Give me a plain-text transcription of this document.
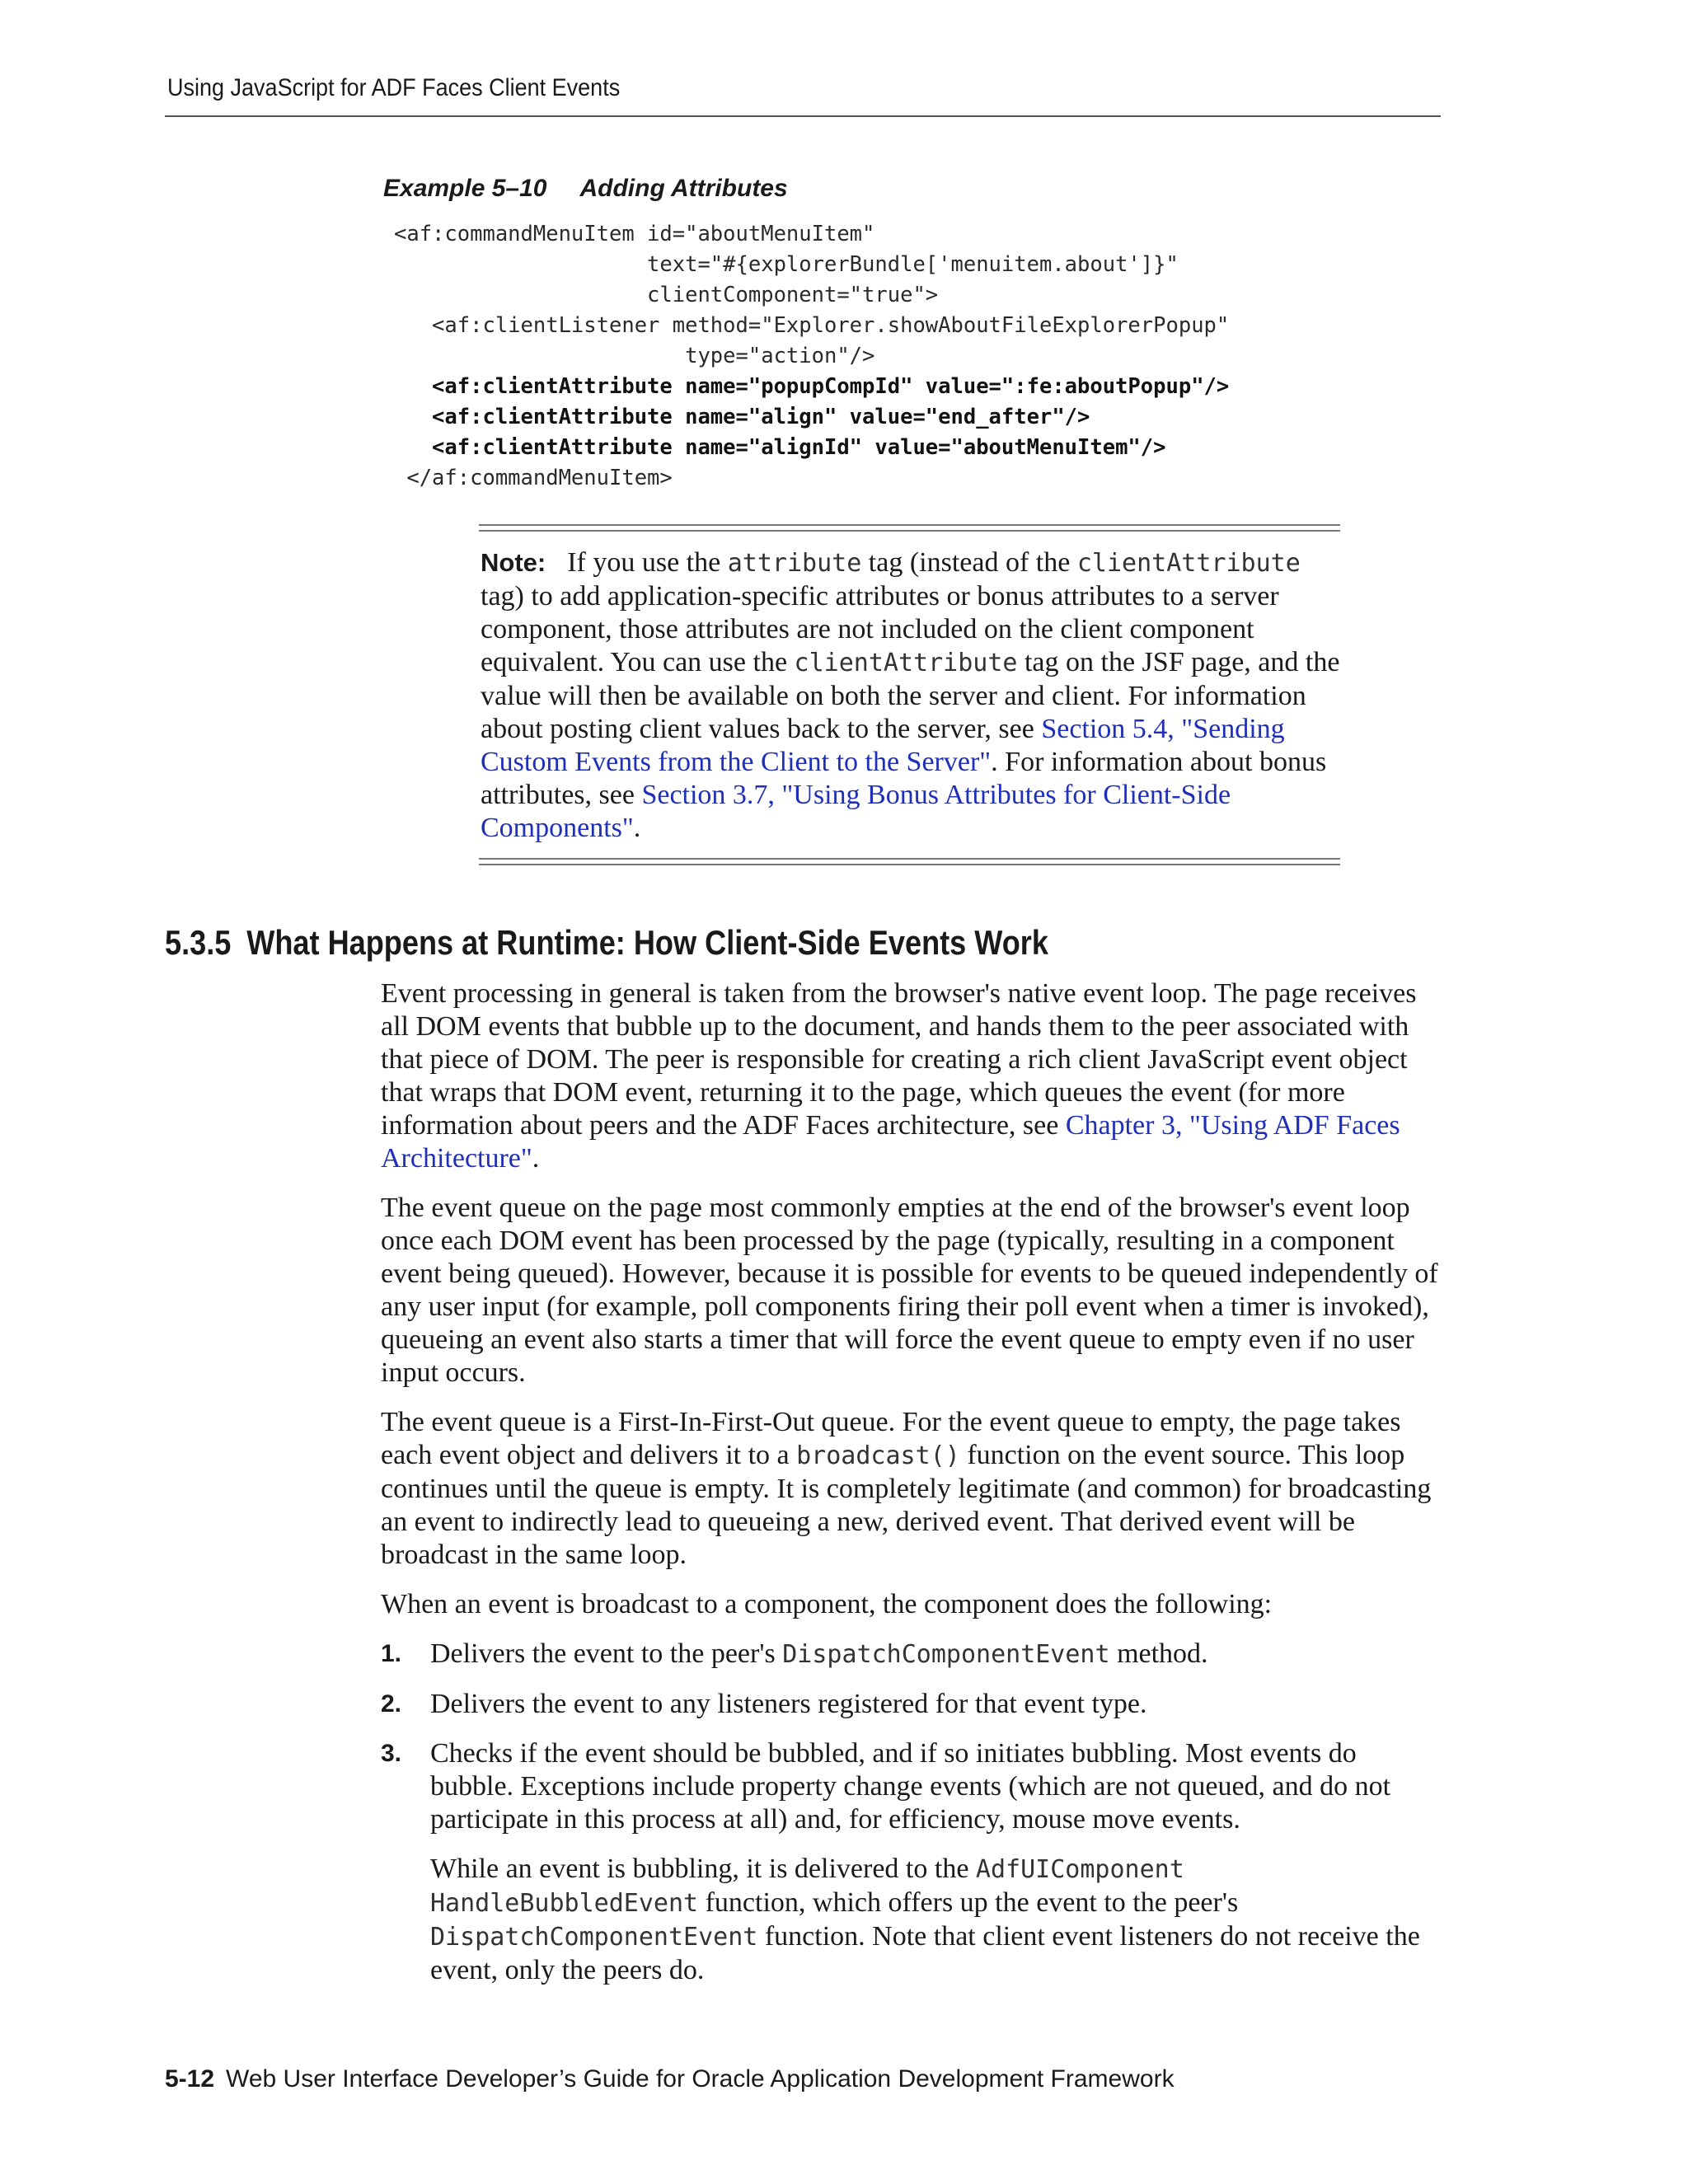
Using JavaScript for ADF Faces Client Events
Example 5–10 Adding Attributes
<af:commandMenuItem id="aboutMenuItem"
text="#{explorerBundle['menuitem.about']}"
clientComponent="true">
<af:clientListener method="Explorer.showAboutFileExplorerPopup"
type="action"/>
<af:clientAttribute name="popupCompId" value=":fe:aboutPopup"/>
<af:clientAttribute name="align" value="end_after"/>
<af:clientAttribute name="alignId" value="aboutMenuItem"/>
</af:commandMenuItem>
Note: If you use the attribute tag (instead of the clientAttribute tag) to add application-specific attributes or bonus attributes to a server component, those attributes are not included on the client component equivalent. You can use the clientAttribute tag on the JSF page, and the value will then be available on both the server and client. For information about posting client values back to the server, see Section 5.4, "Sending Custom Events from the Client to the Server". For information about bonus attributes, see Section 3.7, "Using Bonus Attributes for Client-Side Components".
5.3.5 What Happens at Runtime: How Client-Side Events Work

Event processing in general is taken from the browser's native event loop. The page receives all DOM events that bubble up to the document, and hands them to the peer associated with that piece of DOM. The peer is responsible for creating a rich client JavaScript event object that wraps that DOM event, returning it to the page, which queues the event (for more information about peers and the ADF Faces architecture, see Chapter 3, "Using ADF Faces Architecture".

The event queue on the page most commonly empties at the end of the browser's event loop once each DOM event has been processed by the page (typically, resulting in a component event being queued). However, because it is possible for events to be queued independently of any user input (for example, poll components firing their poll event when a timer is invoked), queueing an event also starts a timer that will force the event queue to empty even if no user input occurs.

The event queue is a First-In-First-Out queue. For the event queue to empty, the page takes each event object and delivers it to a broadcast() function on the event source. This loop continues until the queue is empty. It is completely legitimate (and common) for broadcasting an event to indirectly lead to queueing a new, derived event. That derived event will be broadcast in the same loop.

When an event is broadcast to a component, the component does the following:

1. Delivers the event to the peer's DispatchComponentEvent method.
2. Delivers the event to any listeners registered for that event type.
3. Checks if the event should be bubbled, and if so initiates bubbling. Most events do bubble. Exceptions include property change events (which are not queued, and do not participate in this process at all) and, for efficiency, mouse move events.
While an event is bubbling, it is delivered to the AdfUIComponent HandleBubbledEvent function, which offers up the event to the peer's DispatchComponentEvent function. Note that client event listeners do not receive the event, only the peers do.
5-12 Web User Interface Developer’s Guide for Oracle Application Development Framework
